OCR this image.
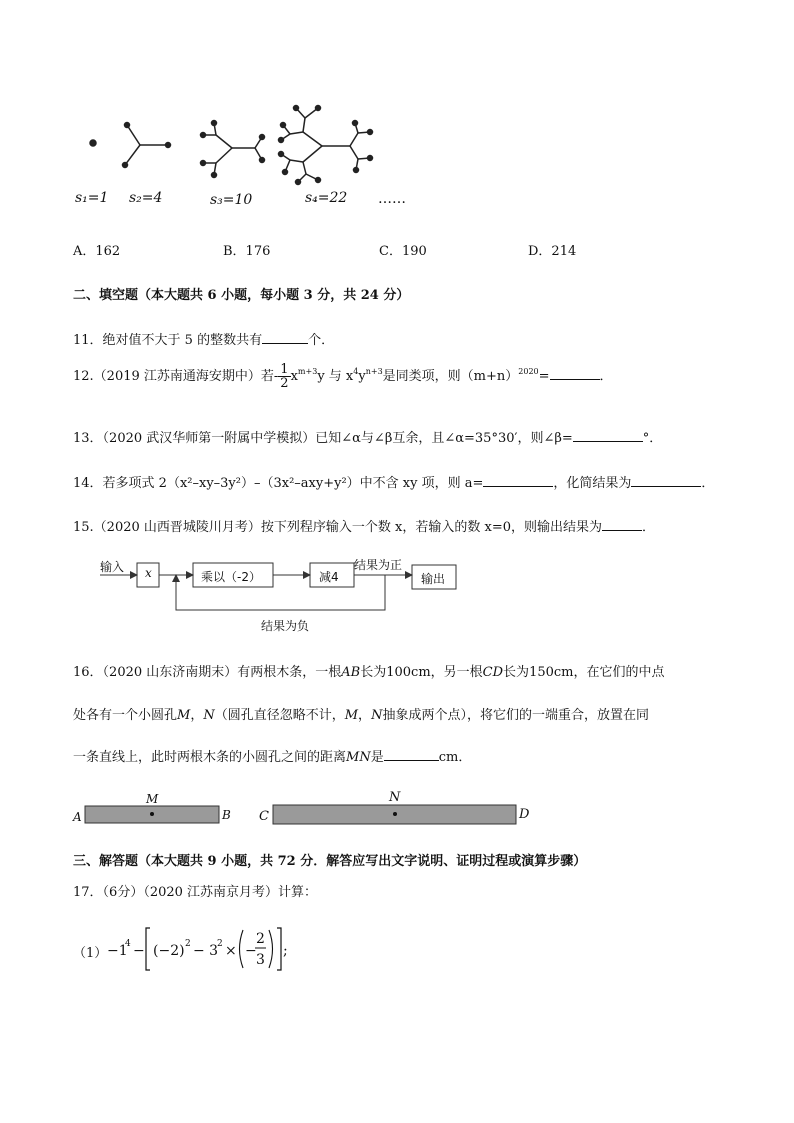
s₁=1 s₂=4	s₃=10	s₄=22 ……
A．162	B．176	C．190	D．214
二、填空题（本大题共 6 小题，每小题 3 分，共 24 分）
11．绝对值不大于 5 的整数共有	个．
12.（2019 江苏南通海安期中）若- $\frac{1}{2} x^{m+3}y$ 与 $x^4y^{n+3}$是同类项，则$(m+n)^{2020}=$	．
13．（2020 武汉华师第一附属中学模拟）已知∠α与∠β互余，且∠α=35°30′，则∠β=	°．
14．若多项式 2（x²–xy–3y²）–（3x²–axy+y²）中不含 xy 项，则 a=	，化简结果为	．
15.（2020 山西晋城陵川月考）按下列程序输入一个数 x，若输入的数 x=0，则输出结果为	．
输入 x	乘以（-2）	减4
结果为正
输出
结果为负
16．（2020 山东济南期末）有两根木条，一根AB长为100cm，另一根CD长为150cm，在它们的中点
处各有一个小圆孔M，N（圆孔直径忽略不计，M，N抽象成两个点），将它们的一端重合，放置在同
一条直线上，此时两根木条的小圆孔之间的距离MN是	cm．
A
M
B C
N
D
三、解答题（本大题共 9 小题，共 72 分．解答应写出文字说明、证明过程或演算步骤）
17．（6分）（2020 江苏南京月考）计算：
（1） −1
4 − (−2) 2 − 3
2 × −
2
3
;
